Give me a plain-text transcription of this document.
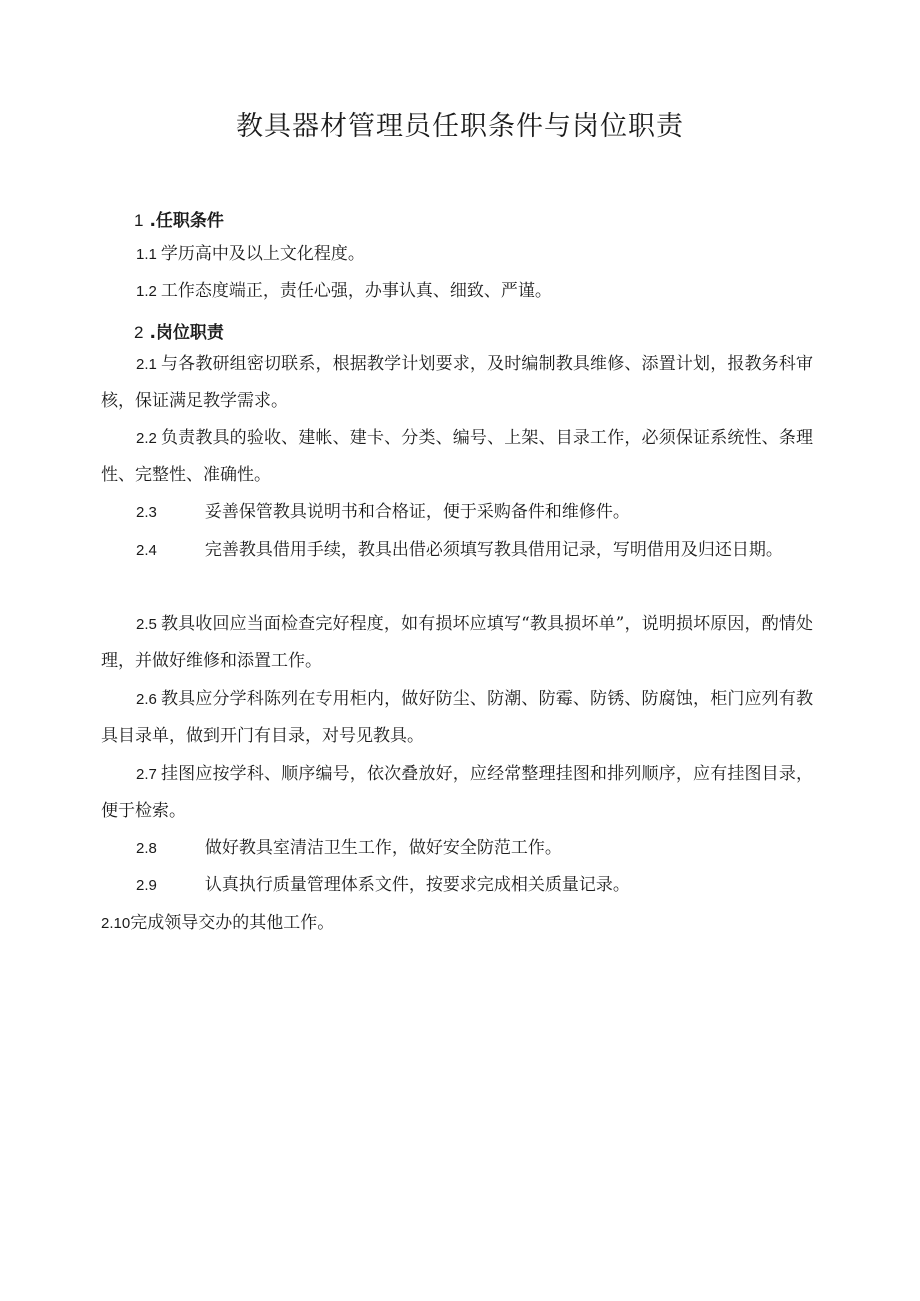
教具器材管理员任职条件与岗位职责
1 .任职条件

1.1 学历高中及以上文化程度。

1.2 工作态度端正，责任心强，办事认真、细致、严谨。

2 .岗位职责

2.1 与各教研组密切联系，根据教学计划要求，及时编制教具维修、添置计划，报教务科审核，保证满足教学需求。

2.2 负责教具的验收、建帐、建卡、分类、编号、上架、目录工作，必须保证系统性、条理性、完整性、准确性。

2.3	妥善保管教具说明书和合格证，便于采购备件和维修件。

2.4	完善教具借用手续，教具出借必须填写教具借用记录，写明借用及归还日期。

2.5 教具收回应当面检查完好程度，如有损坏应填写“教具损坏单”，说明损坏原因，酌情处理，并做好维修和添置工作。

2.6 教具应分学科陈列在专用柜内，做好防尘、防潮、防霉、防锈、防腐蚀，柜门应列有教具目录单，做到开门有目录，对号见教具。

2.7 挂图应按学科、顺序编号，依次叠放好，应经常整理挂图和排列顺序，应有挂图目录，便于检索。

2.8	做好教具室清洁卫生工作，做好安全防范工作。

2.9	认真执行质量管理体系文件，按要求完成相关质量记录。

2.10完成领导交办的其他工作。
